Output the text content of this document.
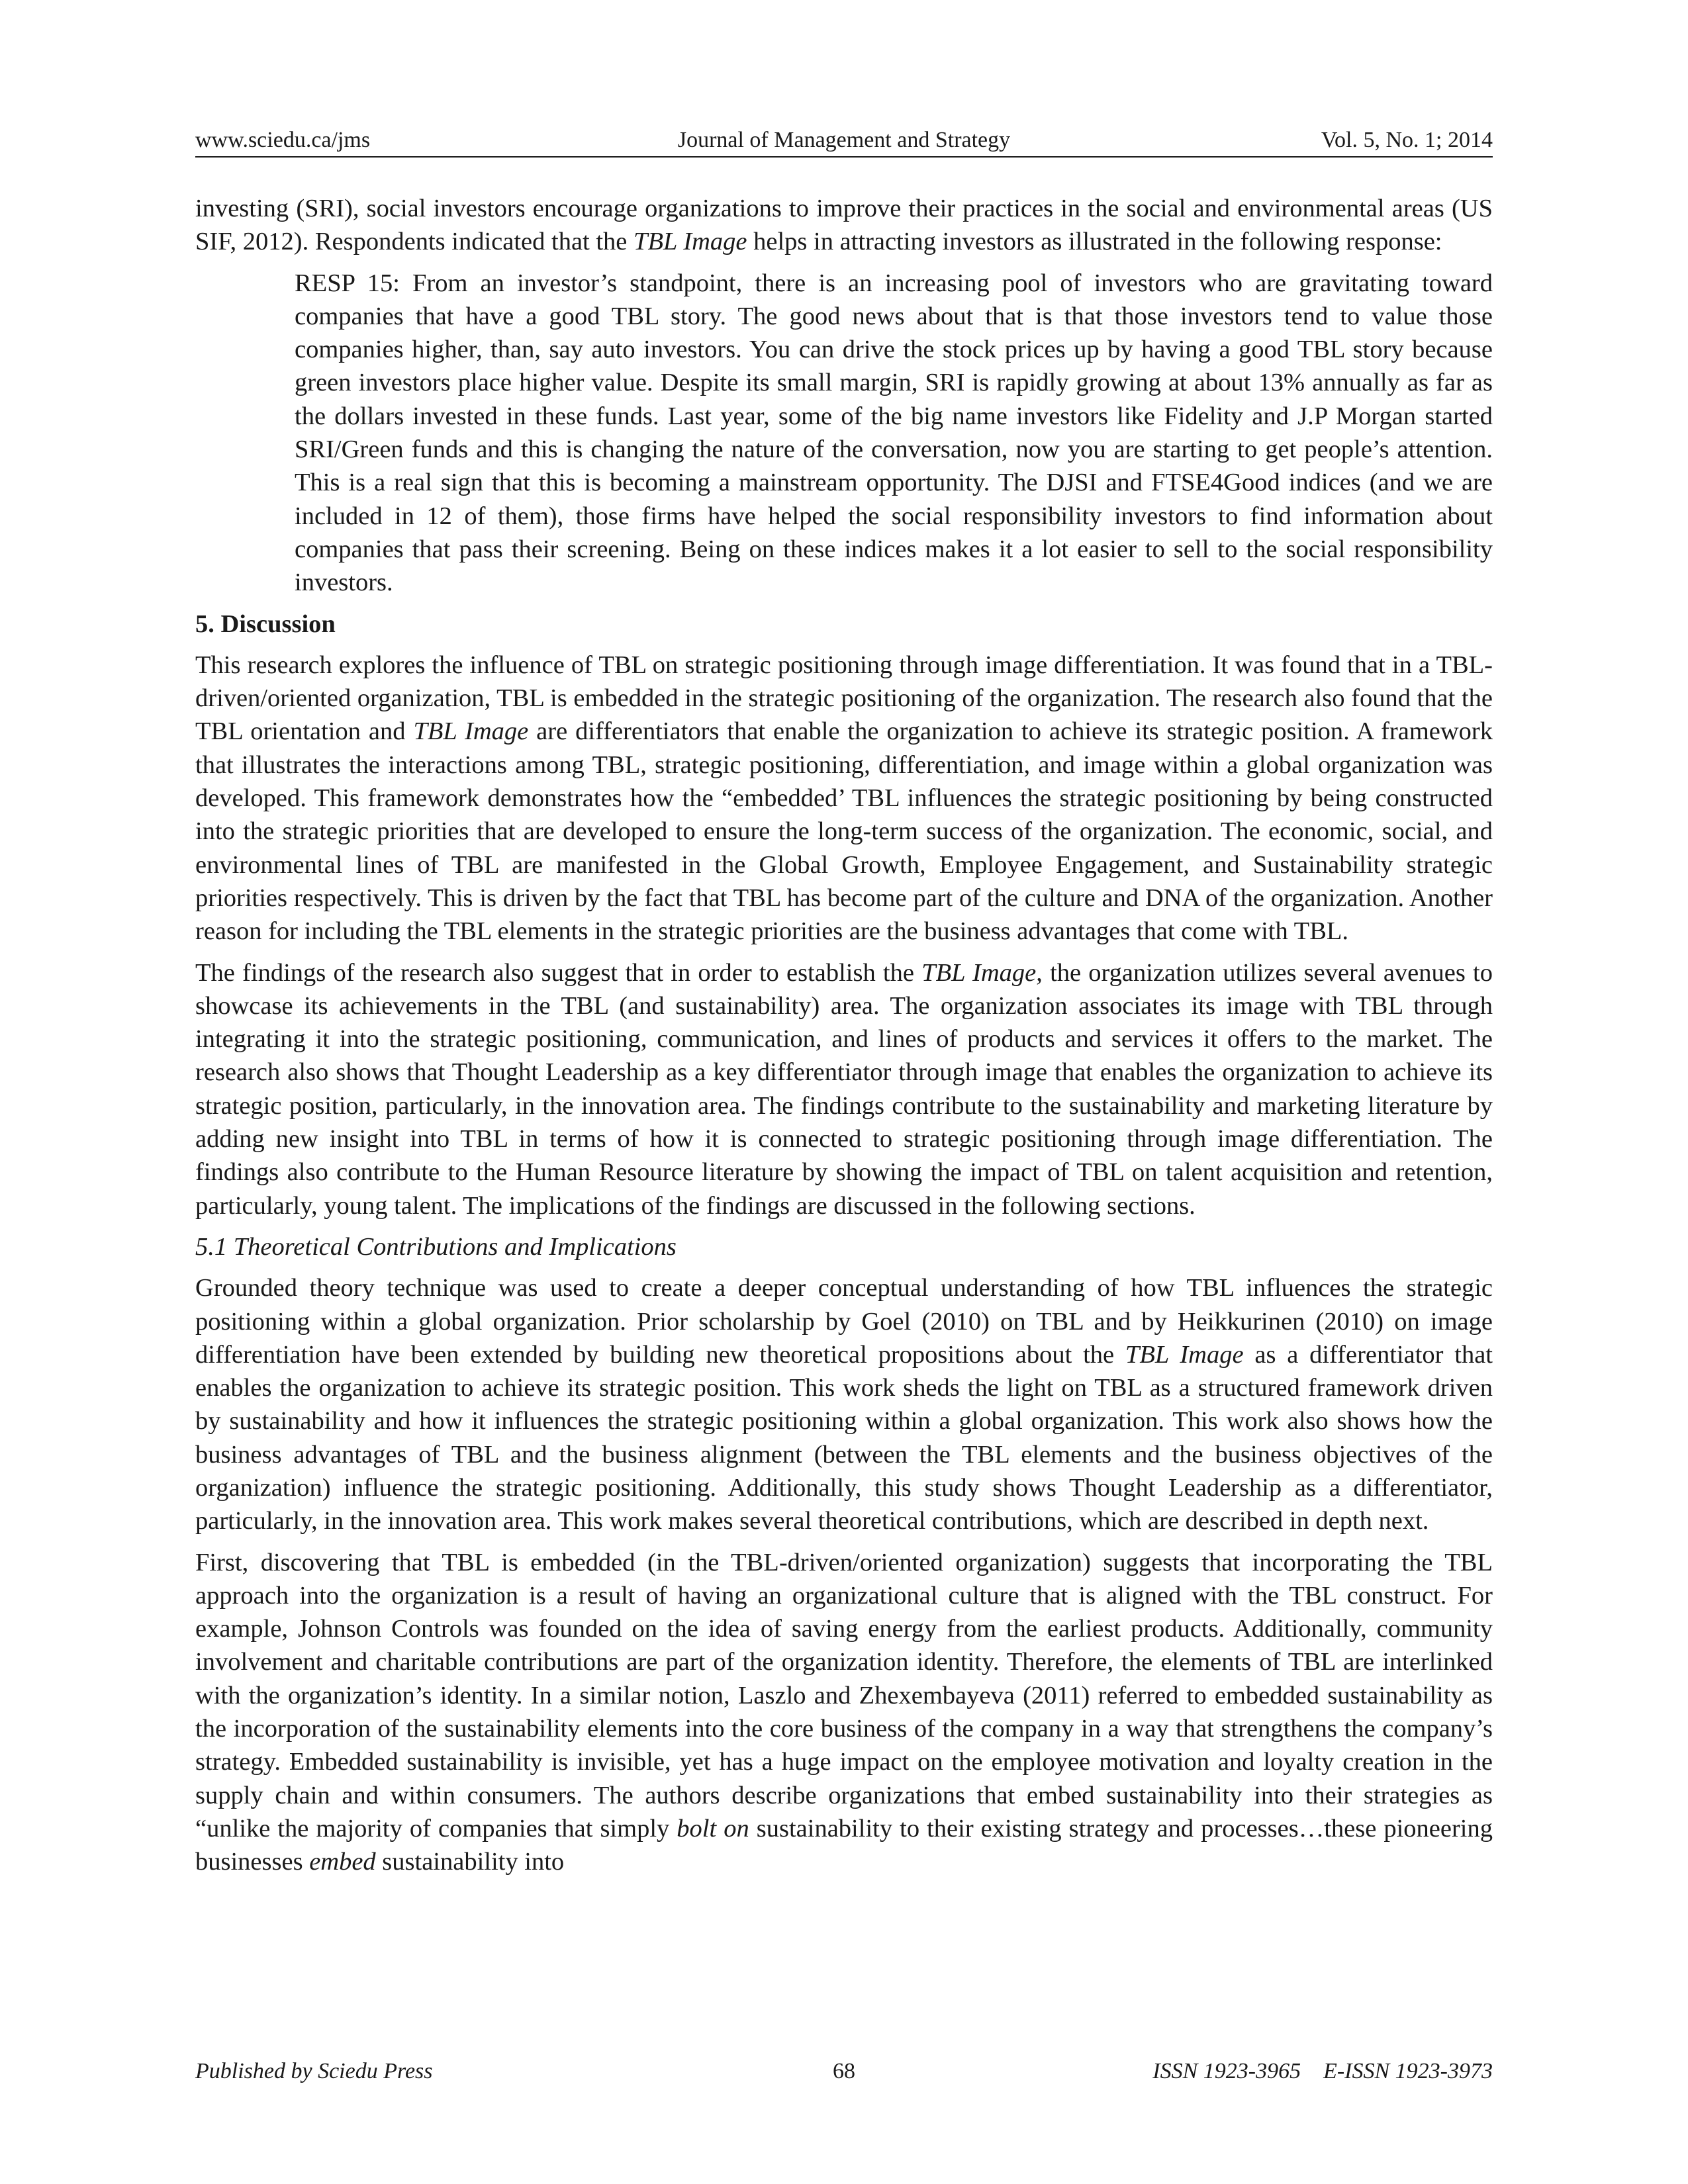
www.sciedu.ca/jms	Journal of Management and Strategy	Vol. 5, No. 1; 2014

investing (SRI), social investors encourage organizations to improve their practices in the social and environmental areas (US SIF, 2012). Respondents indicated that the TBL Image helps in attracting investors as illustrated in the following response:

RESP 15: From an investor’s standpoint, there is an increasing pool of investors who are gravitating toward companies that have a good TBL story. The good news about that is that those investors tend to value those companies higher, than, say auto investors. You can drive the stock prices up by having a good TBL story because green investors place higher value. Despite its small margin, SRI is rapidly growing at about 13% annually as far as the dollars invested in these funds. Last year, some of the big name investors like Fidelity and J.P Morgan started SRI/Green funds and this is changing the nature of the conversation, now you are starting to get people’s attention. This is a real sign that this is becoming a mainstream opportunity. The DJSI and FTSE4Good indices (and we are included in 12 of them), those firms have helped the social responsibility investors to find information about companies that pass their screening. Being on these indices makes it a lot easier to sell to the social responsibility investors.

5. Discussion

This research explores the influence of TBL on strategic positioning through image differentiation. It was found that in a TBL-driven/oriented organization, TBL is embedded in the strategic positioning of the organization. The research also found that the TBL orientation and TBL Image are differentiators that enable the organization to achieve its strategic position. A framework that illustrates the interactions among TBL, strategic positioning, differentiation, and image within a global organization was developed. This framework demonstrates how the “embedded’ TBL influences the strategic positioning by being constructed into the strategic priorities that are developed to ensure the long-term success of the organization. The economic, social, and environmental lines of TBL are manifested in the Global Growth, Employee Engagement, and Sustainability strategic priorities respectively. This is driven by the fact that TBL has become part of the culture and DNA of the organization. Another reason for including the TBL elements in the strategic priorities are the business advantages that come with TBL.

The findings of the research also suggest that in order to establish the TBL Image, the organization utilizes several avenues to showcase its achievements in the TBL (and sustainability) area. The organization associates its image with TBL through integrating it into the strategic positioning, communication, and lines of products and services it offers to the market. The research also shows that Thought Leadership as a key differentiator through image that enables the organization to achieve its strategic position, particularly, in the innovation area. The findings contribute to the sustainability and marketing literature by adding new insight into TBL in terms of how it is connected to strategic positioning through image differentiation. The findings also contribute to the Human Resource literature by showing the impact of TBL on talent acquisition and retention, particularly, young talent. The implications of the findings are discussed in the following sections.

5.1 Theoretical Contributions and Implications

Grounded theory technique was used to create a deeper conceptual understanding of how TBL influences the strategic positioning within a global organization. Prior scholarship by Goel (2010) on TBL and by Heikkurinen (2010) on image differentiation have been extended by building new theoretical propositions about the TBL Image as a differentiator that enables the organization to achieve its strategic position. This work sheds the light on TBL as a structured framework driven by sustainability and how it influences the strategic positioning within a global organization. This work also shows how the business advantages of TBL and the business alignment (between the TBL elements and the business objectives of the organization) influence the strategic positioning. Additionally, this study shows Thought Leadership as a differentiator, particularly, in the innovation area. This work makes several theoretical contributions, which are described in depth next.

First, discovering that TBL is embedded (in the TBL-driven/oriented organization) suggests that incorporating the TBL approach into the organization is a result of having an organizational culture that is aligned with the TBL construct. For example, Johnson Controls was founded on the idea of saving energy from the earliest products. Additionally, community involvement and charitable contributions are part of the organization identity. Therefore, the elements of TBL are interlinked with the organization’s identity. In a similar notion, Laszlo and Zhexembayeva (2011) referred to embedded sustainability as the incorporation of the sustainability elements into the core business of the company in a way that strengthens the company’s strategy. Embedded sustainability is invisible, yet has a huge impact on the employee motivation and loyalty creation in the supply chain and within consumers. The authors describe organizations that embed sustainability into their strategies as “unlike the majority of companies that simply bolt on sustainability to their existing strategy and processes…these pioneering businesses embed sustainability into

Published by Sciedu Press	68	ISSN 1923-3965    E-ISSN 1923-3973
